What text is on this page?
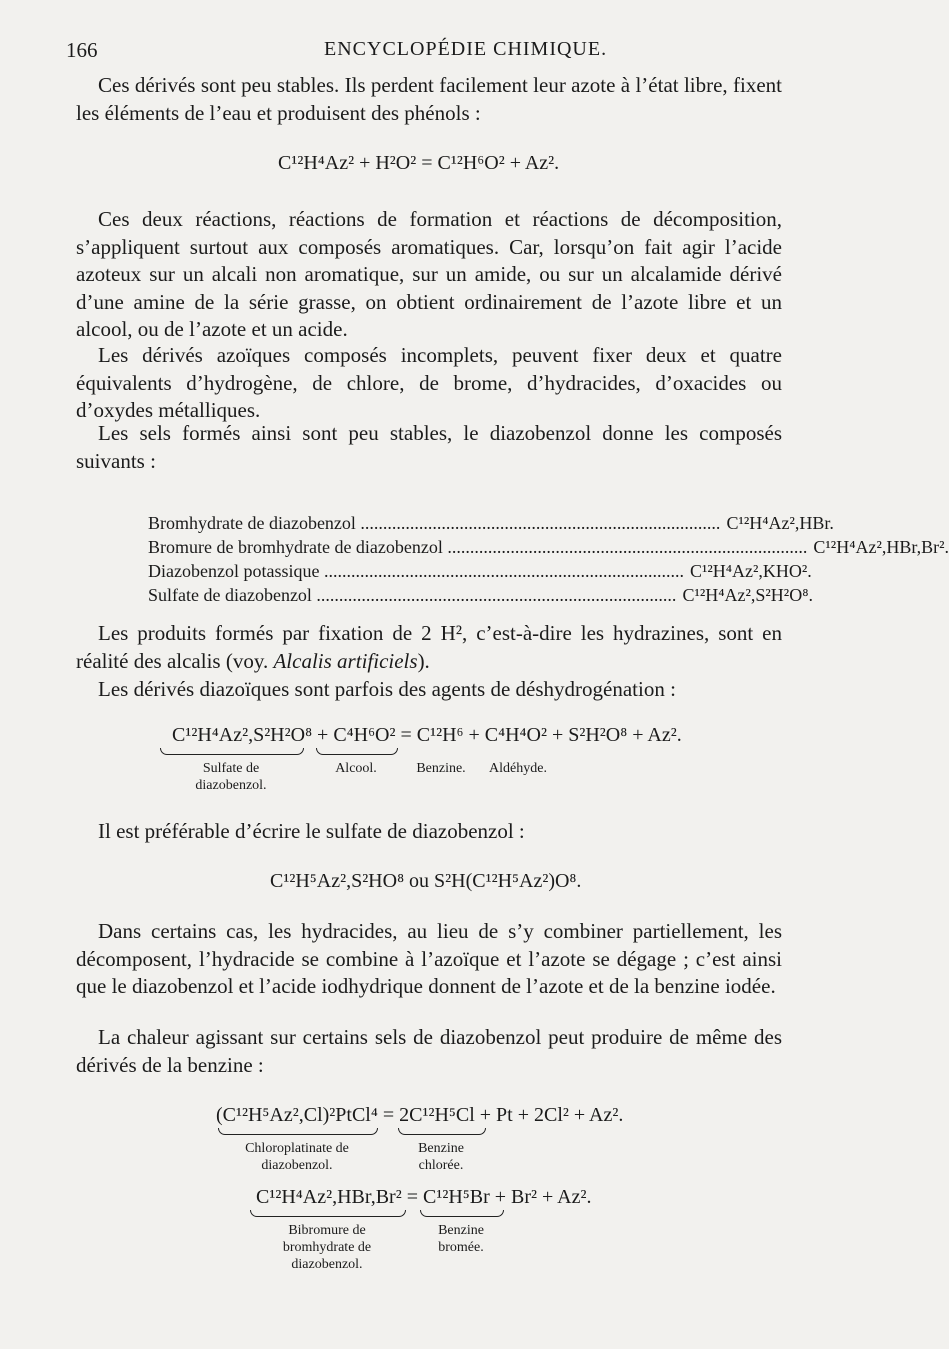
166	ENCYCLOPÉDIE CHIMIQUE.

Ces dérivés sont peu stables. Ils perdent facilement leur azote à l’état libre, fixent les éléments de l’eau et produisent des phénols :

C¹²H⁴Az² + H²O² = C¹²H⁶O² + Az².

Ces deux réactions, réactions de formation et réactions de décomposition, s’appliquent surtout aux composés aromatiques. Car, lorsqu’on fait agir l’acide azoteux sur un alcali non aromatique, sur un amide, ou sur un alcalamide dérivé d’une amine de la série grasse, on obtient ordinairement de l’azote libre et un alcool, ou de l’azote et un acide.

Les dérivés azoïques composés incomplets, peuvent fixer deux et quatre équivalents d’hydrogène, de chlore, de brome, d’hydracides, d’oxacides ou d’oxydes métalliques.

Les sels formés ainsi sont peu stables, le diazobenzol donne les composés suivants :

Bromhydrate de diazobenzol ................................................................................ C¹²H⁴Az²,HBr.
Bromure de bromhydrate de diazobenzol ................................................................................ C¹²H⁴Az²,HBr,Br².
Diazobenzol potassique ................................................................................ C¹²H⁴Az²,KHO².
Sulfate de diazobenzol ................................................................................ C¹²H⁴Az²,S²H²O⁸.

Les produits formés par fixation de 2 H², c’est-à-dire les hydrazines, sont en réalité des alcalis (voy. Alcalis artificiels).

Les dérivés diazoïques sont parfois des agents de déshydrogénation :

C¹²H⁴Az²,S²H²O⁸ + C⁴H⁶O² = C¹²H⁶ + C⁴H⁴O² + S²H²O⁸ + Az².
Sulfate de diazobenzol.
Alcool.	Benzine.	Aldéhyde.

Il est préférable d’écrire le sulfate de diazobenzol :

C¹²H⁵Az²,S²HO⁸ ou S²H(C¹²H⁵Az²)O⁸.

Dans certains cas, les hydracides, au lieu de s’y combiner partiellement, les décomposent, l’hydracide se combine à l’azoïque et l’azote se dégage ; c’est ainsi que le diazobenzol et l’acide iodhydrique donnent de l’azote et de la benzine iodée.

La chaleur agissant sur certains sels de diazobenzol peut produire de même des dérivés de la benzine :

(C¹²H⁵Az²,Cl)²PtCl⁴ = 2C¹²H⁵Cl + Pt + 2Cl² + Az².
Chloroplatinate de diazobenzol.
Benzine chlorée.
C¹²H⁴Az²,HBr,Br² = C¹²H⁵Br + Br² + Az².
Bibromure de bromhydrate de diazobenzol.
Benzine bromée.
